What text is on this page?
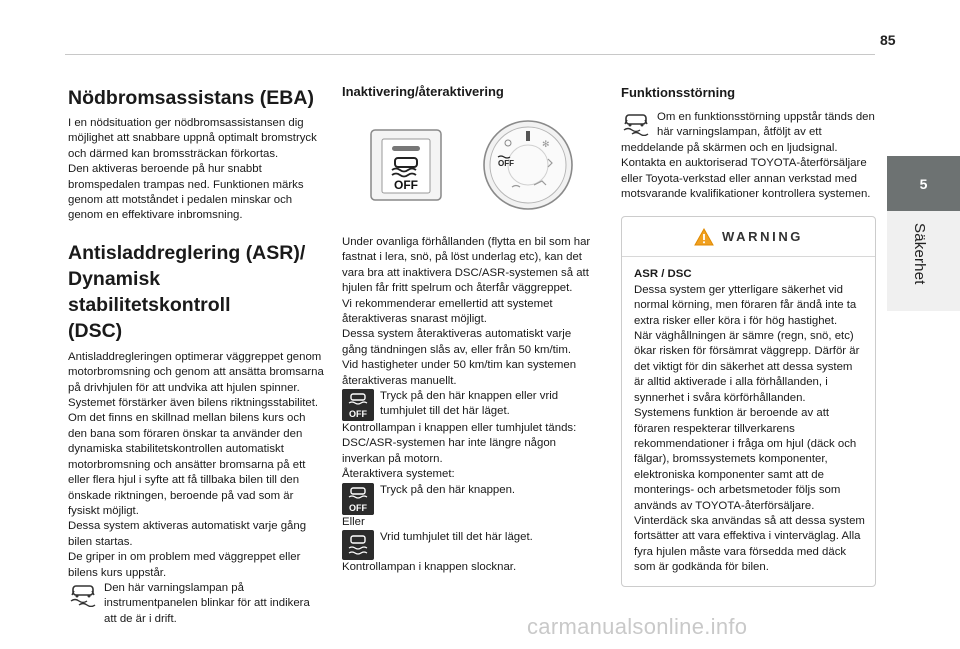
85
5
Säkerhet
Nödbromsassistans (EBA)

I en nödsituation ger nödbromsassistansen dig möjlighet att snabbare uppnå optimalt bromstryck och därmed kan bromssträckan förkortas.

Den aktiveras beroende på hur snabbt bromspedalen trampas ned. Funktionen märks genom att motståndet i pedalen minskar och genom en effektivare inbromsning.

Antisladdreglering (ASR)/
Dynamisk stabilitetskontroll
(DSC)

Antisladdregleringen optimerar väggreppet genom motorbromsning och genom att ansätta bromsarna på drivhjulen för att undvika att hjulen spinner. Systemet förstärker även bilens riktningsstabilitet.

Om det finns en skillnad mellan bilens kurs och den bana som föraren önskar ta använder den dynamiska stabilitetskontrollen automatiskt motorbromsning och ansätter bromsarna på ett eller flera hjul i syfte att få tillbaka bilen till den önskade riktningen, beroende på vad som är fysiskt möjligt.

Dessa system aktiveras automatiskt varje gång bilen startas.

De griper in om problem med väggreppet eller bilens kurs uppstår.

Den här varningslampan på instrumentpanelen blinkar för att indikera att de är i drift.

Inaktivering/återaktivering
OFF
OFF
✻

Under ovanliga förhållanden (flytta en bil som har fastnat i lera, snö, på löst underlag etc), kan det vara bra att inaktivera DSC/ASR-systemen så att hjulen får fritt spelrum och återfår väggreppet.

Vi rekommenderar emellertid att systemet återaktiveras snarast möjligt.

Dessa system återaktiveras automatiskt varje gång tändningen slås av, eller från 50 km/tim.

Vid hastigheter under 50 km/tim kan systemen återaktiveras manuellt.

OFF

Tryck på den här knappen eller vrid tumhjulet till det här läget.

Kontrollampan i knappen eller tumhjulet tänds: DSC/ASR-systemen har inte längre någon inverkan på motorn.

Återaktivera systemet:

OFF

Tryck på den här knappen.

Eller

Vrid tumhjulet till det här läget.

Kontrollampan i knappen slocknar.

Funktionsstörning

Om en funktionsstörning uppstår tänds den här varningslampan, åtföljt av ett meddelande på skärmen och en ljudsignal. Kontakta en auktoriserad TOYOTA-återförsäljare eller Toyota-verkstad eller annan verkstad med motsvarande kvalifikationer kontrollera systemen.

WARNING

ASR / DSC

Dessa system ger ytterligare säkerhet vid normal körning, men föraren får ändå inte ta extra risker eller köra i för hög hastighet.

När väghållningen är sämre (regn, snö, etc) ökar risken för försämrat väggrepp. Därför är det viktigt för din säkerhet att dessa system är alltid aktiverade i alla förhållanden, i synnerhet i svåra körförhållanden.

Systemens funktion är beroende av att föraren respekterar tillverkarens rekommendationer i fråga om hjul (däck och fälgar), bromssystemets komponenter, elektroniska komponenter samt att de monterings- och arbetsmetoder följs som används av TOYOTA-återförsäljare.

Vinterdäck ska användas så att dessa system fortsätter att vara effektiva i vinterväglag. Alla fyra hjulen måste vara försedda med däck som är godkända för bilen.

carmanualsonline.info
